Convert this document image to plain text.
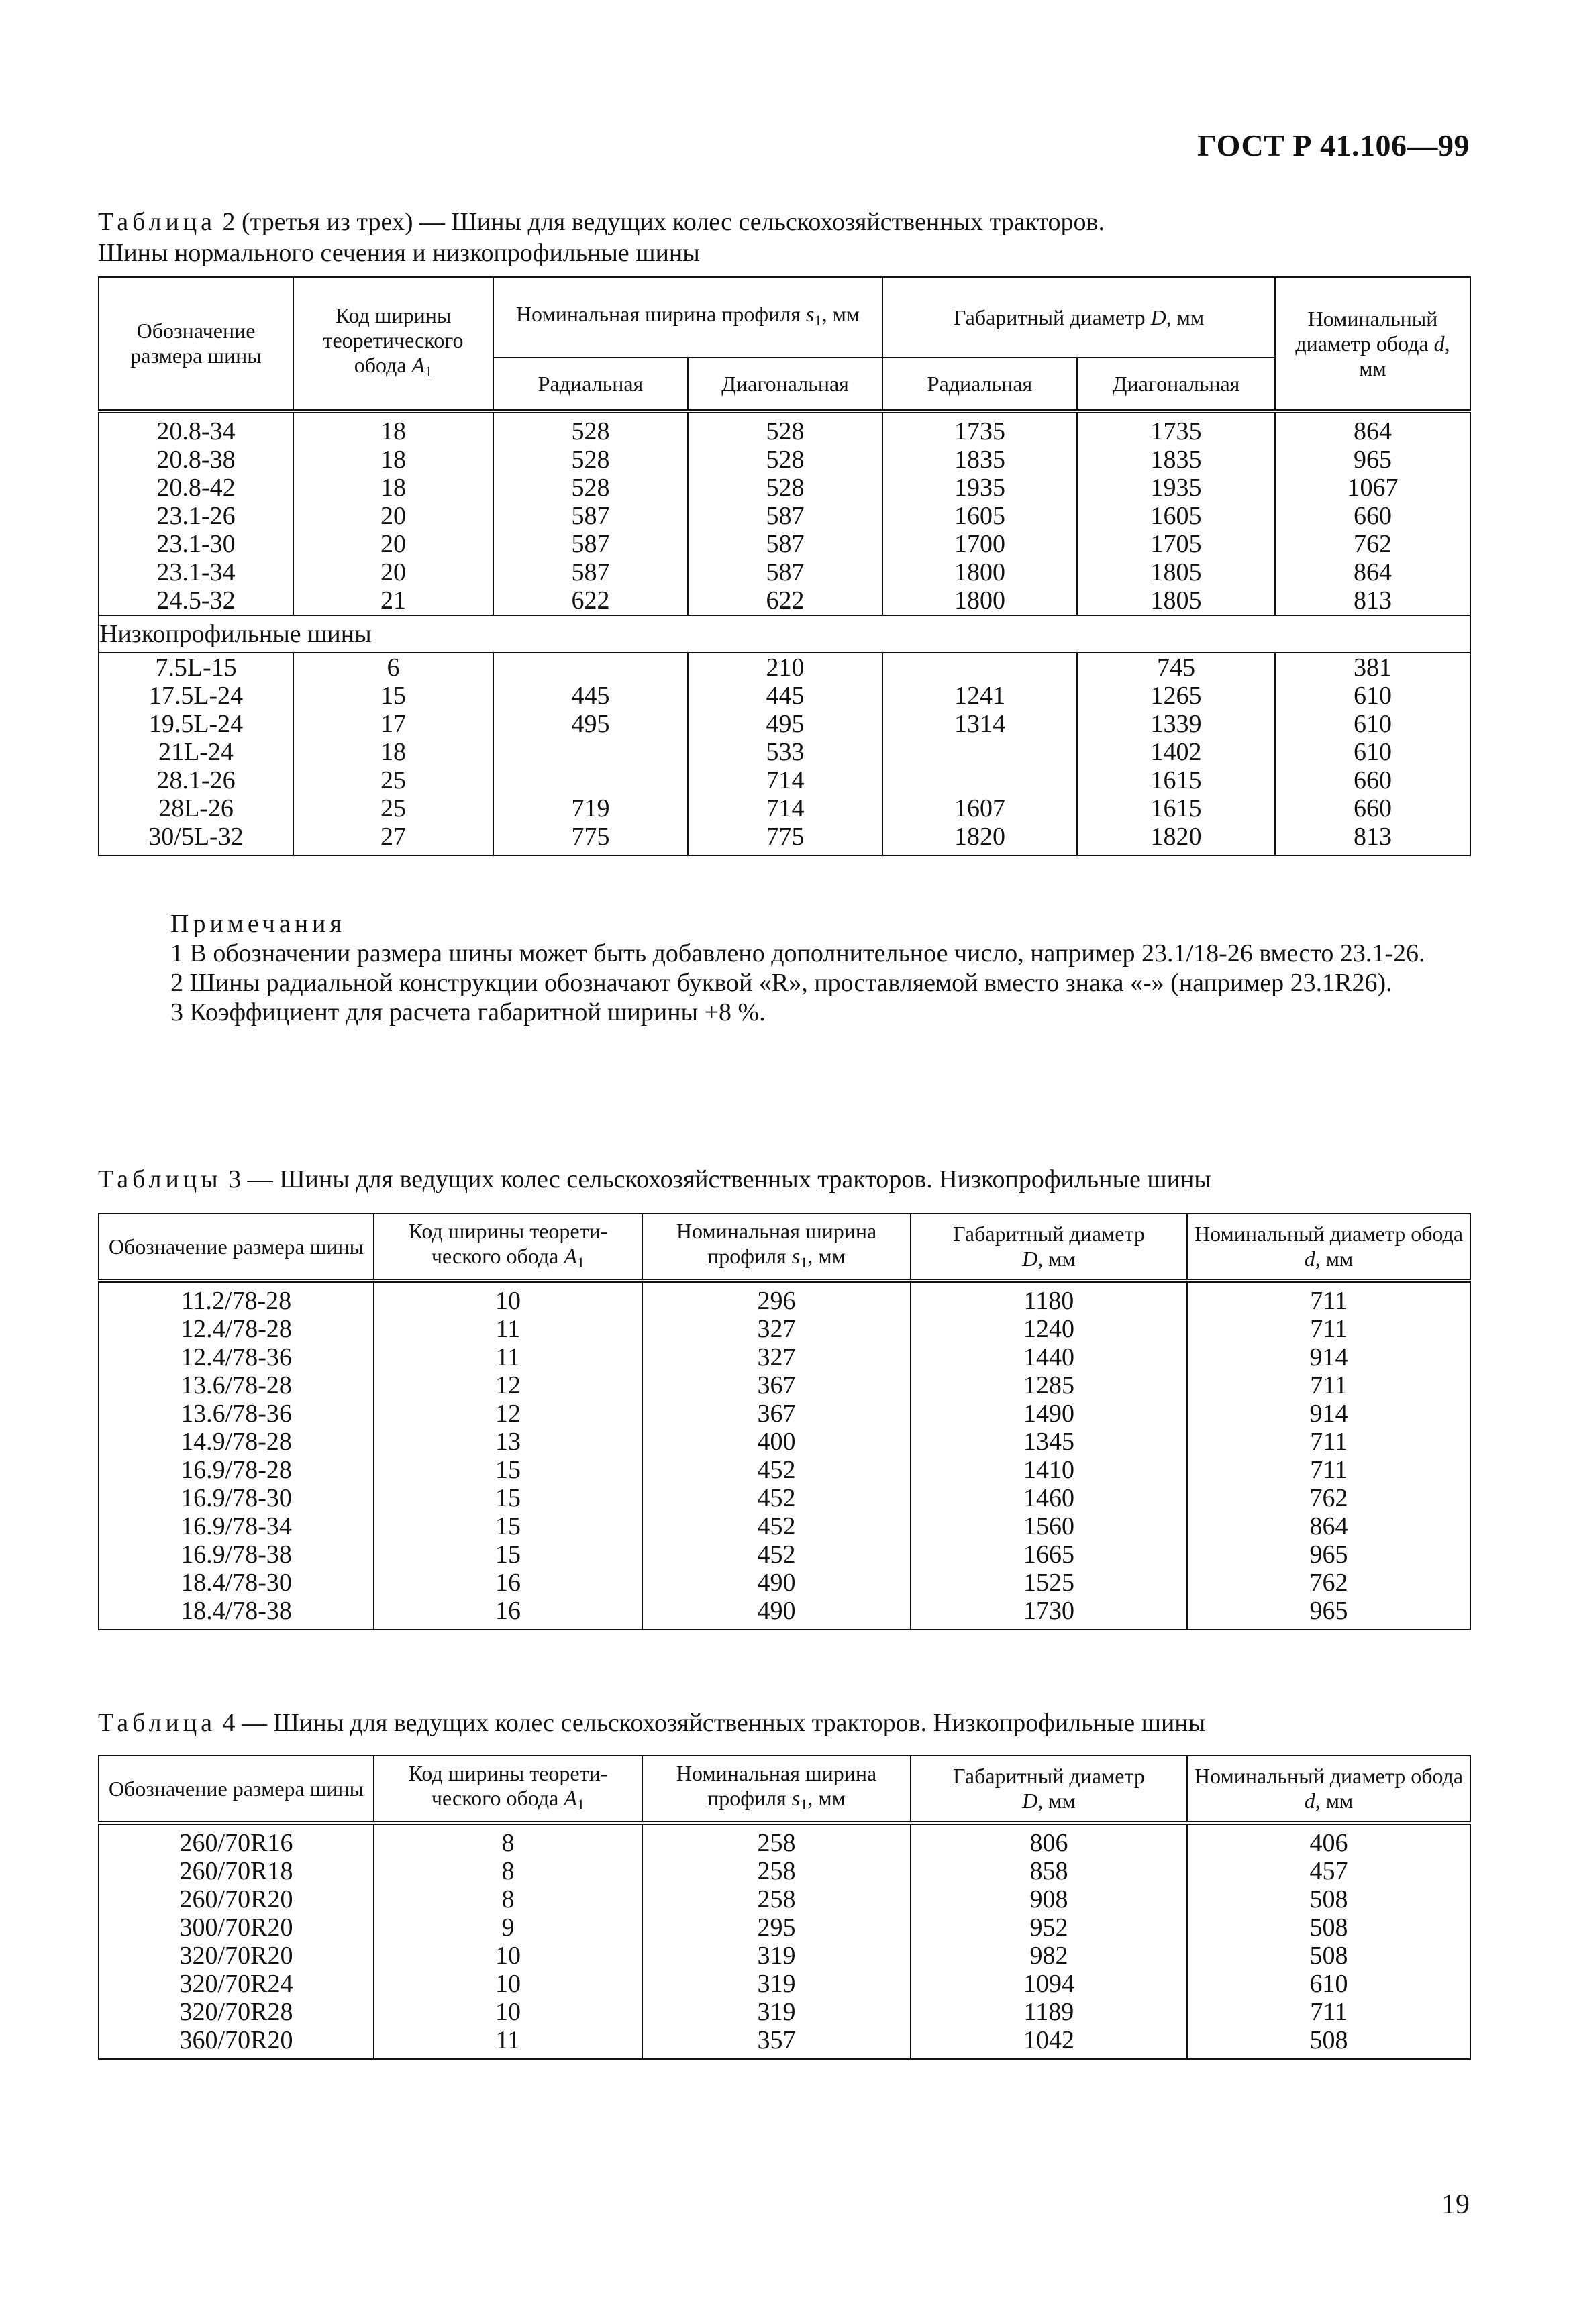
ГОСТ Р 41.106—99
Таблица 2 (третья из трех) — Шины для ведущих колес сельскохозяйственных тракторов.
Шины нормального сечения и низкопрофильные шины
Обозначение размера шины	Код ширины теоретического обода $A_1$	Номинальная ширина профиля $s_1$, мм		Габаритный диаметр D, мм		Номинальный диаметр обода d, мм
		Радиальная	Диагональная	Радиальная	Диагональная	
20.8-34	18	528	528	1735	1735	864
20.8-38	18	528	528	1835	1835	965
20.8-42	18	528	528	1935	1935	1067
23.1-26	20	587	587	1605	1605	660
23.1-30	20	587	587	1700	1705	762
23.1-34	20	587	587	1800	1805	864
24.5-32	21	622	622	1800	1805	813
Низкопрофильные шины						
7.5L-15	6		210		745	381
17.5L-24	15	445	445	1241	1265	610
19.5L-24	17	495	495	1314	1339	610
21L-24	18		533		1402	610
28.1-26	25		714		1615	660
28L-26	25	719	714	1607	1615	660
30/5L-32	27	775	775	1820	1820	813

Примечания

1 В обозначении размера шины может быть добавлено дополнительное число, например 23.1/18-26 вместо 23.1-26.

2 Шины радиальной конструкции обозначают буквой «R», проставляемой вместо знака «-» (например 23.1R26).

3 Коэффициент для расчета габаритной ширины +8 %.

Таблицы 3 — Шины для ведущих колес сельскохозяйственных тракторов. Низкопрофильные шины
Обозначение размера шины	Код ширины теоретического обода $A_1$	Номинальная ширина профиля $s_1$, мм	Габаритный диаметр
D, мм	Номинальный диаметр обода d, мм
11.2/78-28	10	296	1180	711
12.4/78-28	11	327	1240	711
12.4/78-36	11	327	1440	914
13.6/78-28	12	367	1285	711
13.6/78-36	12	367	1490	914
14.9/78-28	13	400	1345	711
16.9/78-28	15	452	1410	711
16.9/78-30	15	452	1460	762
16.9/78-34	15	452	1560	864
16.9/78-38	15	452	1665	965
18.4/78-30	16	490	1525	762
18.4/78-38	16	490	1730	965
Таблица 4 — Шины для ведущих колес сельскохозяйственных тракторов. Низкопрофильные шины
Обозначение размера шины	Код ширины теоретического обода $A_1$	Номинальная ширина профиля $s_1$, мм	Габаритный диаметр
D, мм	Номинальный диаметр обода d, мм
260/70R16	8	258	806	406
260/70R18	8	258	858	457
260/70R20	8	258	908	508
300/70R20	9	295	952	508
320/70R20	10	319	982	508
320/70R24	10	319	1094	610
320/70R28	10	319	1189	711
360/70R20	11	357	1042	508
19
